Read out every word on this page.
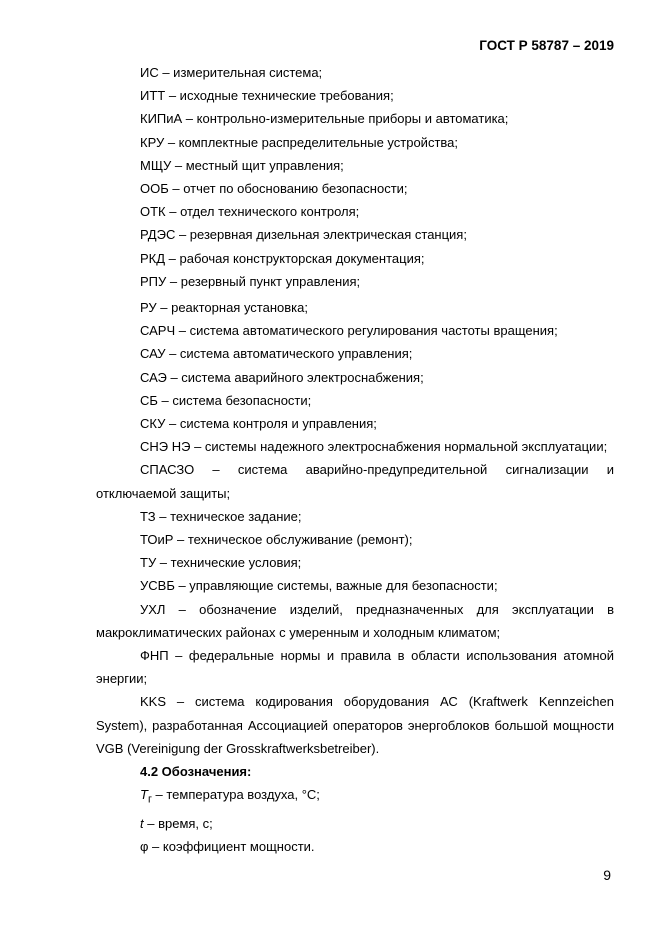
ГОСТ Р 58787 – 2019

ИС – измерительная система;

ИТТ – исходные технические требования;

КИПиА – контрольно-измерительные приборы и автоматика;

КРУ – комплектные распределительные устройства;

МЩУ – местный щит управления;

ООБ – отчет по обоснованию безопасности;

ОТК – отдел технического контроля;

РДЭС – резервная дизельная электрическая станция;

РКД – рабочая конструкторская документация;

РПУ – резервный пункт управления;

РУ – реакторная установка;

САРЧ – система автоматического регулирования частоты вращения;

САУ – система автоматического управления;

САЭ – система аварийного электроснабжения;

СБ – система безопасности;

СКУ – система контроля и управления;

СНЭ НЭ – системы надежного электроснабжения нормальной эксплуатации;

СПАСЗО – система аварийно-предупредительной сигнализации и отключаемой защиты;

ТЗ – техническое задание;

ТОиР – техническое обслуживание (ремонт);

ТУ – технические условия;

УСВБ – управляющие системы, важные для безопасности;

УХЛ – обозначение изделий, предназначенных для эксплуатации в макроклиматических районах с умеренным и холодным климатом;

ФНП – федеральные нормы и правила в области использования атомной энергии;

KKS – система кодирования оборудования АС (Kraftwerk Kennzeichen System), разработанная Ассоциацией операторов энергоблоков большой мощности VGB (Vereinigung der Grosskraftwerksbetreiber).

4.2 Обозначения:

$T_г$ – температура воздуха, °С;

t – время, с;

φ – коэффициент мощности.

9
